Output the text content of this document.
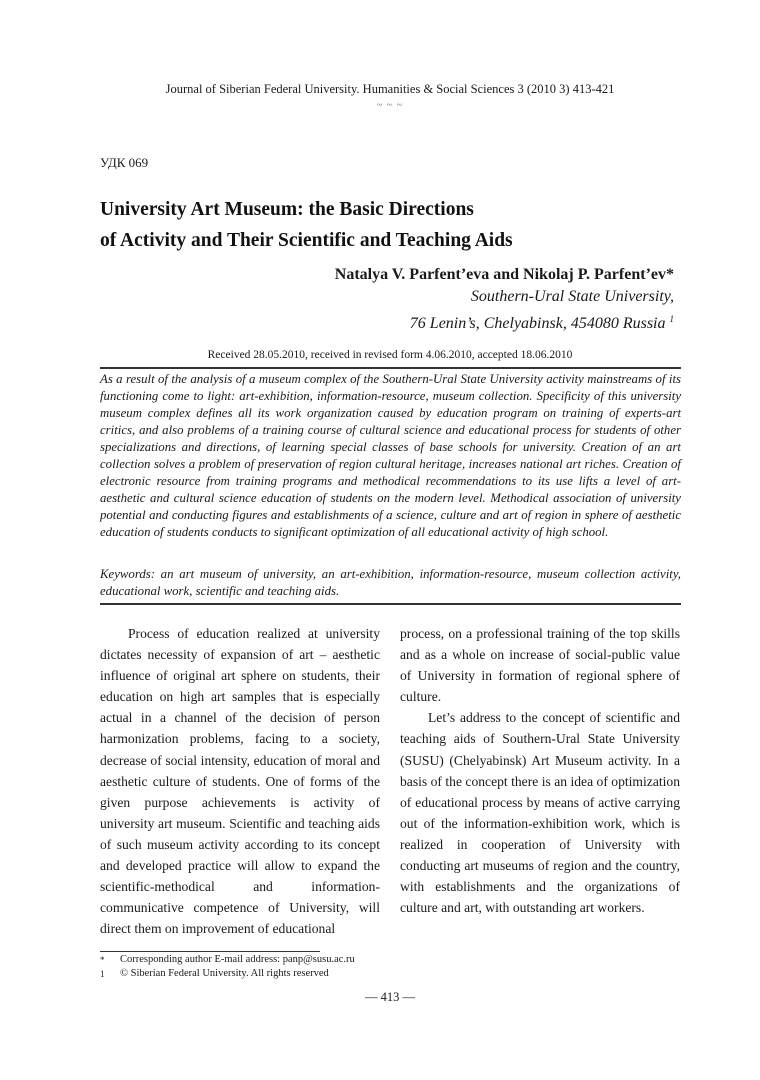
Journal of Siberian Federal University. Humanities & Social Sciences 3 (2010 3) 413-421
~ ~ ~
УДК 069
University Art Museum: the Basic Directions
of Activity and Their Scientific and Teaching Aids
Natalya V. Parfent’eva and Nikolaj P. Parfent’ev*
Southern-Ural State University,
76 Lenin’s, Chelyabinsk, 454080 Russia $^1$
Received 28.05.2010, received in revised form 4.06.2010, accepted 18.06.2010
As a result of the analysis of a museum complex of the Southern-Ural State University activity mainstreams of its functioning come to light: art-exhibition, information-resource, museum collection. Specificity of this university museum complex defines all its work organization caused by education program on training of experts-art critics, and also problems of a training course of cultural science and educational process for students of other specializations and directions, of learning special classes of base schools for university. Creation of an art collection solves a problem of preservation of region cultural heritage, increases national art riches. Creation of electronic resource from training programs and methodical recommendations to its use lifts a level of art-aesthetic and cultural science education of students on the modern level. Methodical association of university potential and conducting figures and establishments of a science, culture and art of region in sphere of aesthetic education of students conducts to significant optimization of all educational activity of high school.
Keywords: an art museum of university, an art-exhibition, information-resource, museum collection activity, educational work, scientific and teaching aids.

Process of education realized at university dictates necessity of expansion of art – aesthetic influence of original art sphere on students, their education on high art samples that is especially actual in a channel of the decision of person harmonization problems, facing to a society, decrease of social intensity, education of moral and aesthetic culture of students. One of forms of the given purpose achievements is activity of university art museum. Scientific and teaching aids of such museum activity according to its concept and developed practice will allow to expand the scientific-methodical and information-communicative competence of University, will direct them on improvement of educational

process, on a professional training of the top skills and as a whole on increase of social-public value of University in formation of regional sphere of culture.

Let’s address to the concept of scientific and teaching aids of Southern-Ural State University (SUSU) (Chelyabinsk) Art Museum activity. In a basis of the concept there is an idea of optimization of educational process by means of active carrying out of the information-exhibition work, which is realized in cooperation of University with conducting art museums of region and the country, with establishments and the organizations of culture and art, with outstanding art workers.

*	Corresponding author E-mail address: panp@susu.ac.ru
1	© Siberian Federal University. All rights reserved
— 413 —
